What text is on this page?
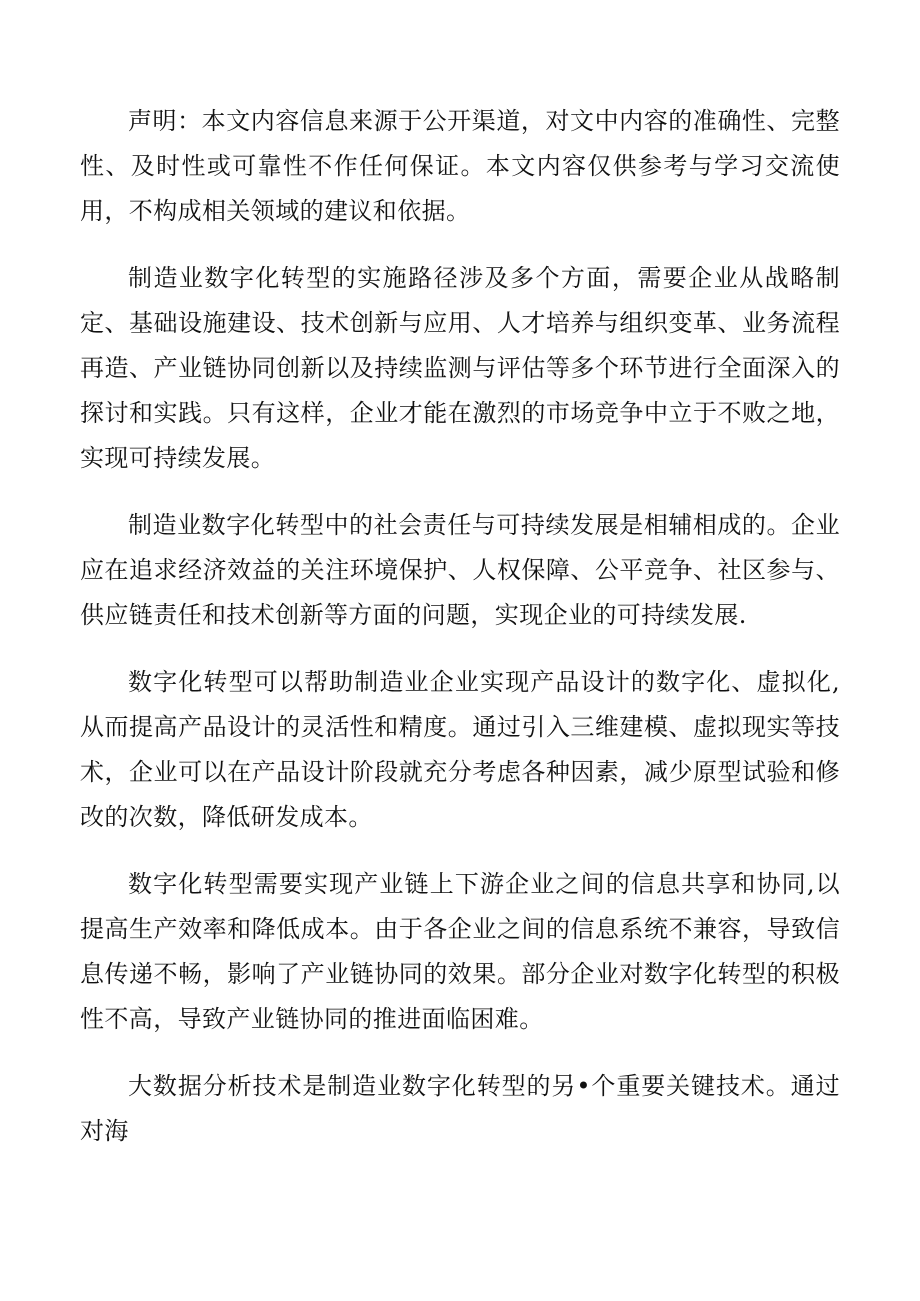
声明：本文内容信息来源于公开渠道，对文中内容的准确性、完整性、及时性或可靠性不作任何保证。本文内容仅供参考与学习交流使用，不构成相关领域的建议和依据。

制造业数字化转型的实施路径涉及多个方面，需要企业从战略制定、基础设施建设、技术创新与应用、人才培养与组织变革、业务流程再造、产业链协同创新以及持续监测与评估等多个环节进行全面深入的探讨和实践。只有这样，企业才能在激烈的市场竞争中立于不败之地，实现可持续发展。

制造业数字化转型中的社会责任与可持续发展是相辅相成的。企业应在追求经济效益的关注环境保护、人权保障、公平竞争、社区参与、供应链责任和技术创新等方面的问题，实现企业的可持续发展.

数字化转型可以帮助制造业企业实现产品设计的数字化、虚拟化,从而提高产品设计的灵活性和精度。通过引入三维建模、虚拟现实等技术，企业可以在产品设计阶段就充分考虑各种因素，减少原型试验和修改的次数，降低研发成本。

数字化转型需要实现产业链上下游企业之间的信息共享和协同,以提高生产效率和降低成本。由于各企业之间的信息系统不兼容，导致信息传递不畅，影响了产业链协同的效果。部分企业对数字化转型的积极性不高，导致产业链协同的推进面临困难。

大数据分析技术是制造业数字化转型的另•个重要关键技术。通过对海
